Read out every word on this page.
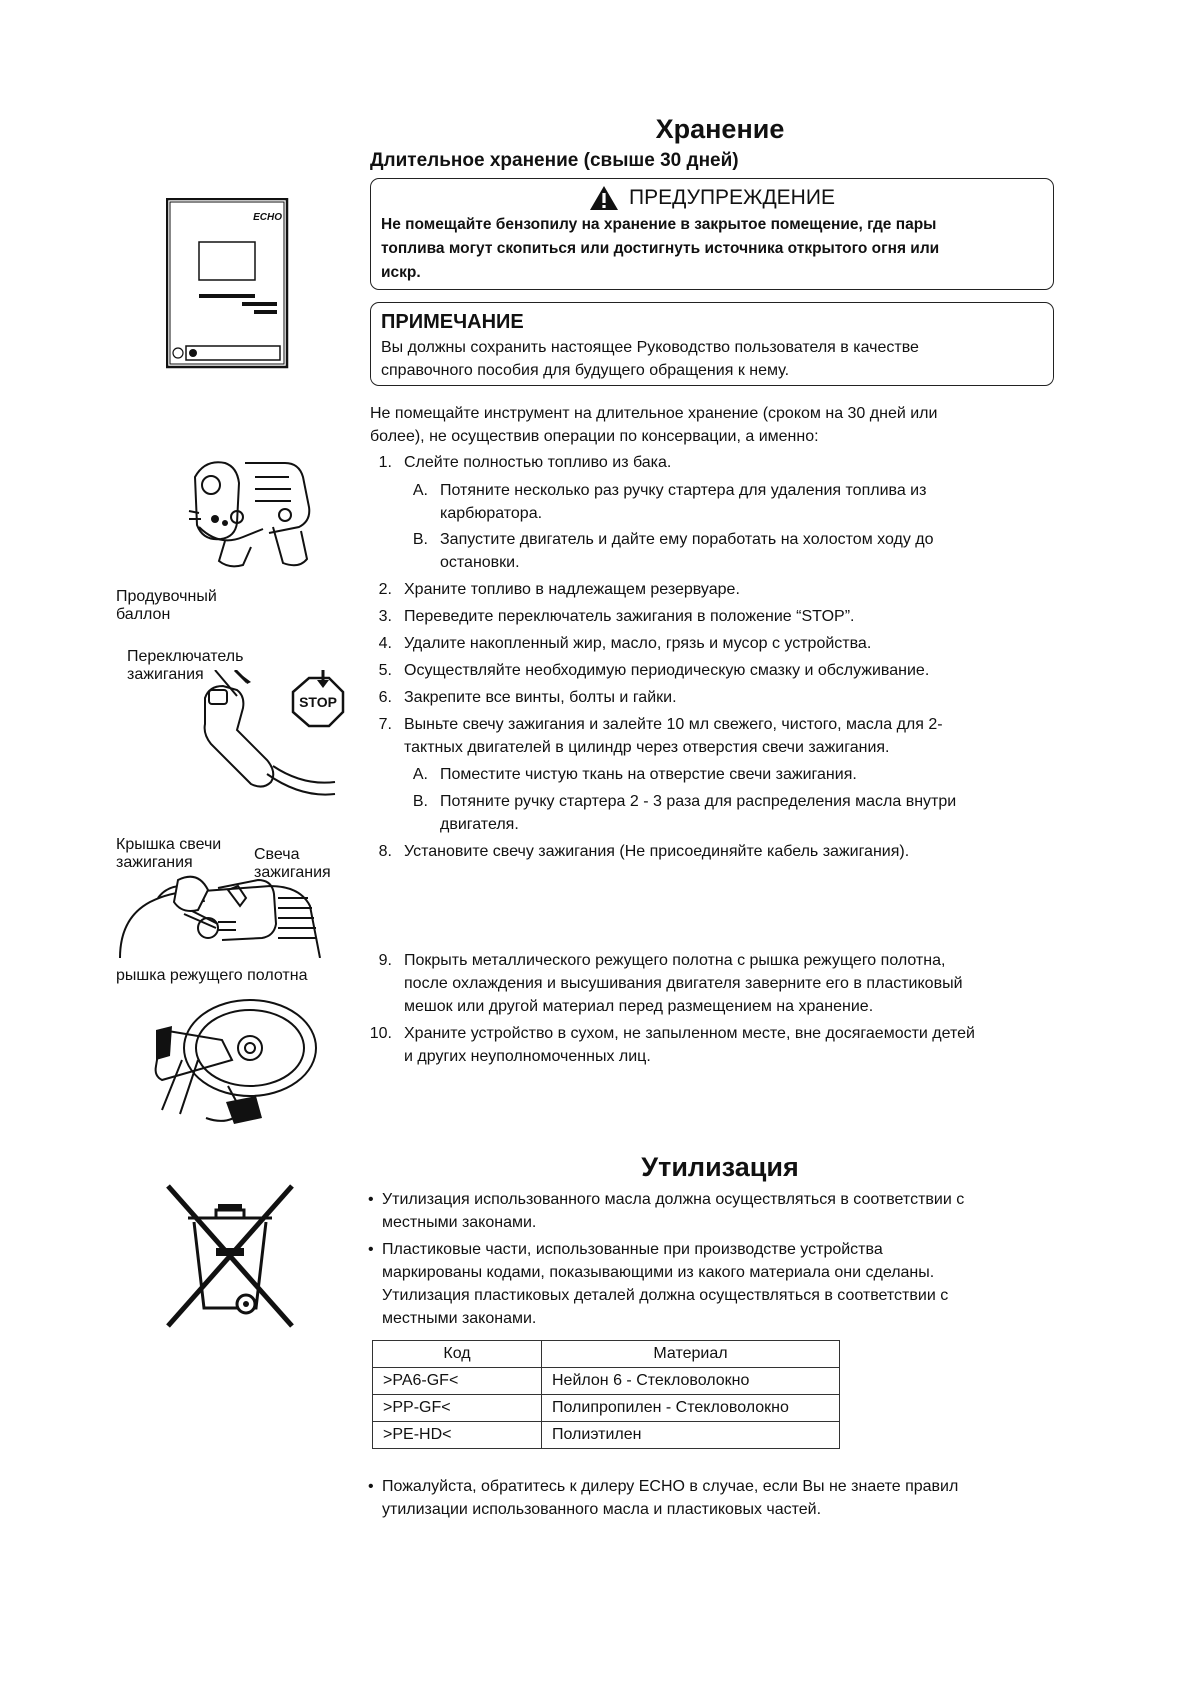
Хранение
Длительное хранение (свыше 30 дней)
ПРЕДУПРЕЖДЕНИЕ
Не помещайте бензопилу на хранение в закрытое помещение, где пары
топлива могут скопиться или достигнуть источника открытого огня или
искр.
ПРИМЕЧАНИЕ
Вы должны сохранить настоящее Руководство пользователя в качестве
справочного пособия для будущего обращения к нему.
Не помещайте инструмент на длительное хранение (сроком на 30 дней или
более), не осуществив операции по консервации, а именно:
1. Слейте полностью топливо из бака.
A. Потяните несколько раз ручку стартера для удаления топлива из
карбюратора.
B. Запустите двигатель и дайте ему поработать на холостом ходу до
остановки.
2. Храните топливо в надлежащем резервуаре.
3. Переведите переключатель зажигания в положение “STOP”.
4. Удалите накопленный жир, масло, грязь и мусор с устройства.
5. Осуществляйте необходимую периодическую смазку и обслуживание.
6. Закрепите все винты, болты и гайки.
7. Выньте свечу зажигания и залейте 10 мл свежего, чистого, масла для 2-
тактных двигателей в цилиндр через отверстия свечи зажигания.
A. Поместите чистую ткань на отверстие свечи зажигания.
B. Потяните ручку стартера 2 - 3 раза для распределения масла внутри
двигателя.
8. Установите свечу зажигания (Не присоединяйте кабель зажигания).
9. Покрыть металлического режущего полотна с рышка режущего полотна,
после охлаждения и высушивания двигателя заверните его в пластиковый
мешок или другой материал перед размещением на хранение.
10. Храните устройство в сухом, не запыленном месте, вне досягаемости детей
и других неуполномоченных лиц.
ECHO
Продувочный
баллон
Переключатель
зажигания
STOP
Крышка свечи
зажигания	Свеча
зажигания
рышка режущего полотна
Утилизация
• Утилизация использованного масла должна осуществляться в соответствии с
местными законами.
• Пластиковые части, использованные при производстве устройства
маркированы кодами, показывающими из какого материала они сделаны.
Утилизация пластиковых деталей должна осуществляться в соответствии с
местными законами.
Код	Материал
>PA6-GF<	Нейлон 6 - Стекловолокно
>PP-GF<	Полипропилен - Стекловолокно
>PE-HD<	Полиэтилен
• Пожалуйста, обратитесь к дилеру ECHO в случае, если Вы не знаете правил
утилизации использованного масла и пластиковых частей.
